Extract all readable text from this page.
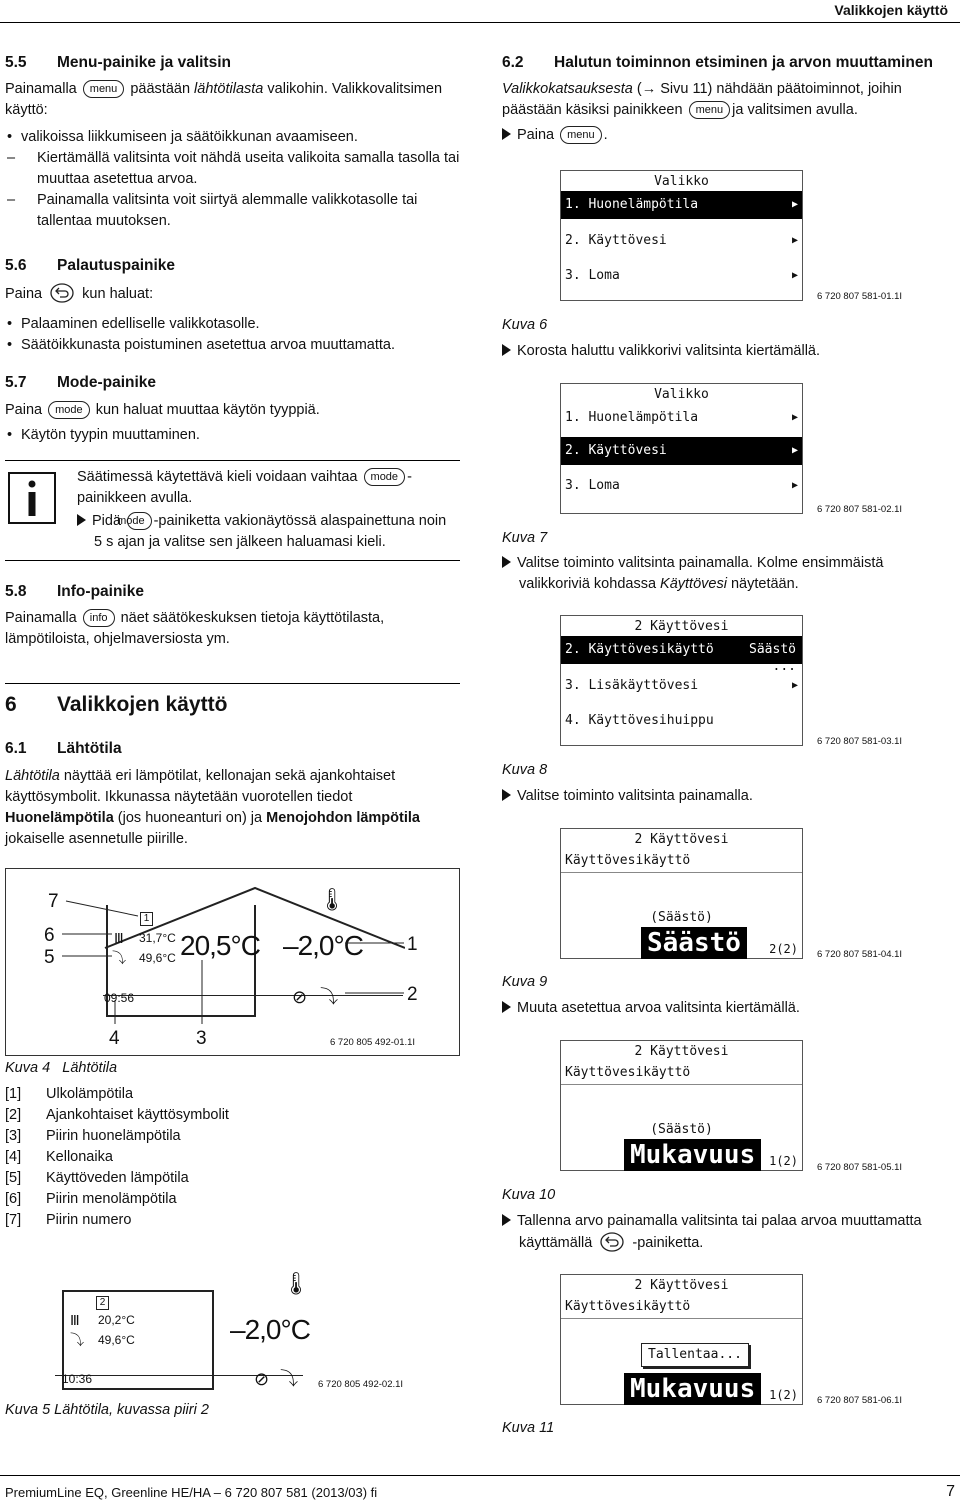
Valikkojen käyttö
5.5 Menu-painike ja valitsin

Painamalla menu päästään lähtötilasta valikohin. Valikkovalitsimen käyttö:

• valikoissa liikkumiseen ja säätöikkunan avaamiseen.
– Kiertämällä valitsinta voit nähdä useita valikoita samalla tasolla tai muuttaa asetettua arvoa.
– Painamalla valitsinta voit siirtyä alemmalle valikkotasolle tai tallentaa muutoksen.
5.6 Palautuspainike

Paina	kun haluat:

• Palaaminen edelliselle valikkotasolle.
• Säätöikkunasta poistuminen asetettua arvoa muuttamatta.
5.7 Mode-painike

Paina mode kun haluat muuttaa käytön tyyppiä.

• Käytön tyypin muuttaminen.

Säätimessä käytettävä kieli voidaan vaihtaa mode -painikkeen avulla.

Pidä mode -painiketta vakionäytössä alaspainettuna noin 5 s ajan ja valitse sen jälkeen haluamasi kieli.

5.8 Info-painike

Painamalla info näet säätökeskuksen tietoja käyttötilasta, lämpötiloista, ohjelmaversiosta ym.

6 Valikkojen käyttö
6.1 Lähtötila

Lähtötila näyttää eri lämpötilat, kellonajan sekä ajankohtaiset käyttösymbolit. Ikkunassa näytetään vuorotellen tiedot Huonelämpötila (jos huoneanturi on) ja Menojohdon lämpötila jokaiselle asennetulle piirille.

1
Ⅲ 31,7°C
⤵ 49,6°C 20,5°C –2,0°C
🌡︎
09:56	⊘ ⤵
7
6
5
1
2
4	3	6 720 805 492-01.1I
Kuva 4 Lähtötila
[1] Ulkolämpötila
[2] Ajankohtaiset käyttösymbolit
[3] Piirin huonelämpötila
[4] Kellonaika
[5] Käyttöveden lämpötila
[6] Piirin menolämpötila
[7] Piirin numero
2
Ⅲ 20,2°C
⤵ 49,6°C	–2,0°C
🌡︎
10:36	⊘ ⤵ 6 720 805 492-02.1I
Kuva 5 Lähtötila, kuvassa piiri 2
6.2 Halutun toiminnon etsiminen ja arvon muuttaminen

Valikkokatsauksesta (→ Sivu 11) nähdään päätoiminnot, joihin päästään käsiksi painikkeen menu ja valitsimen avulla.

Paina menu .

Valikko
1. Huonelämpötila	▶
2. Käyttövesi	▶
3. Loma	▶
6 720 807 581-01.1I
Kuva 6
Korosta haluttu valikkorivi valitsinta kiertämällä.
Valikko
1. Huonelämpötila	▶
2. Käyttövesi	▶
3. Loma	▶
6 720 807 581-02.1I
Kuva 7
Valitse toiminto valitsinta painamalla. Kolme ensimmäistä valikkoriviä kohdassa Käyttövesi näytetään.
2 Käyttövesi
2. Käyttövesikäyttö	Säästö
...
3. Lisäkäyttövesi	▶
4. Käyttövesihuippu
6 720 807 581-03.1I
Kuva 8
Valitse toiminto valitsinta painamalla.
2 Käyttövesi
Käyttövesikäyttö
(Säästö)
Säästö	2(2) 6 720 807 581-04.1I
Kuva 9
Muuta asetettua arvoa valitsinta kiertämällä.
2 Käyttövesi
Käyttövesikäyttö
(Säästö)
Mukavuus	1(2) 6 720 807 581-05.1I
Kuva 10
Tallenna arvo painamalla valitsinta tai palaa arvoa muuttamatta käyttämällä	-painiketta.
2 Käyttövesi
Käyttövesikäyttö
Tallentaa...
Mukavuus	1(2) 6 720 807 581-06.1I
Kuva 11
PremiumLine EQ, Greenline HE/HA – 6 720 807 581 (2013/03) fi	7
